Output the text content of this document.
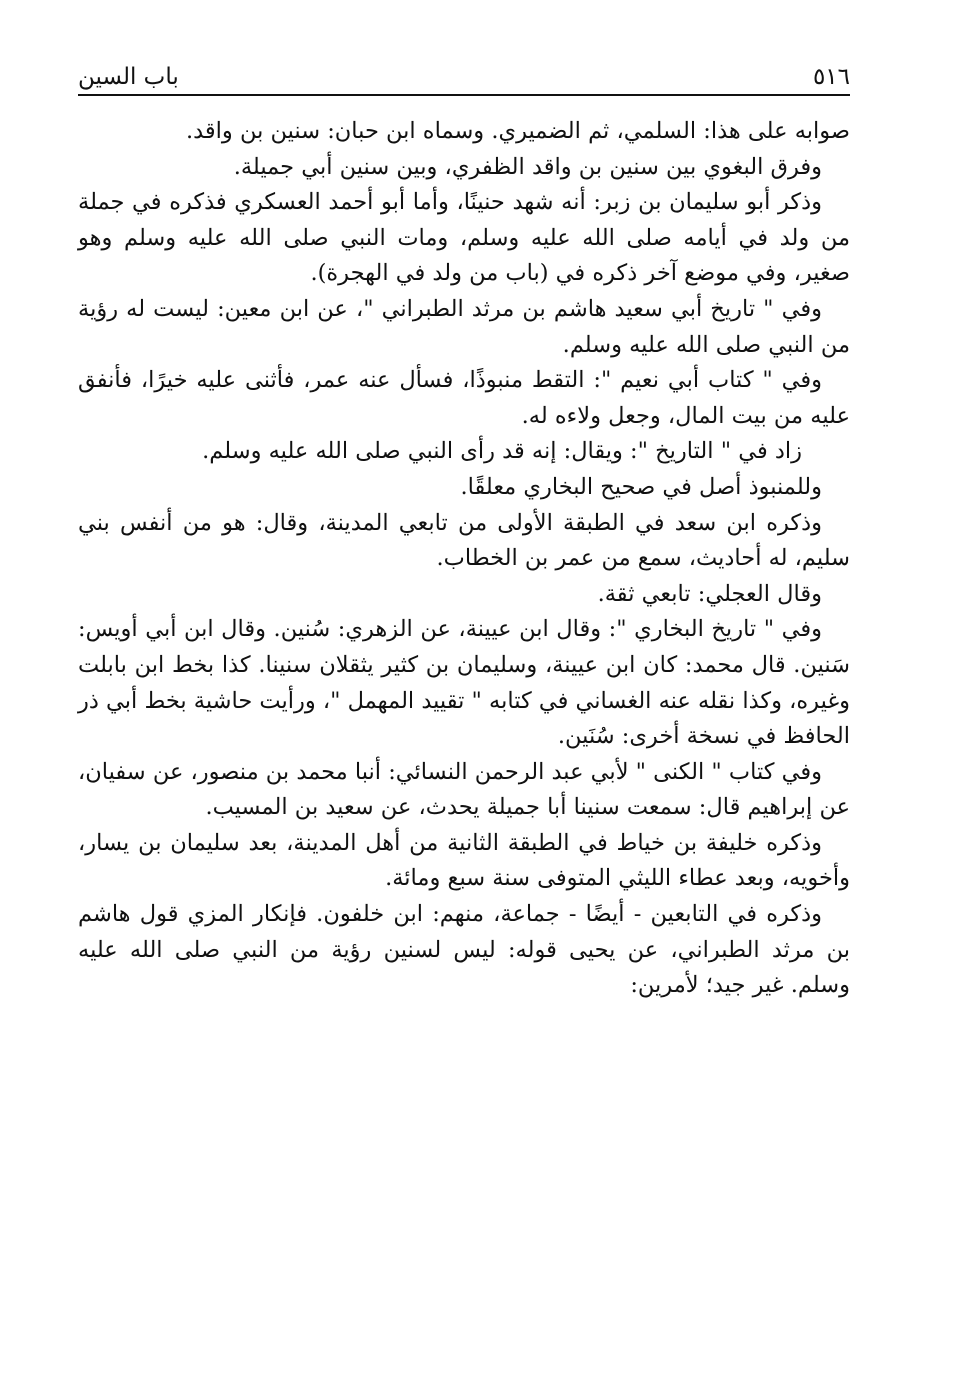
٥١٦
باب السين

صوابه على هذا: السلمي، ثم الضميري. وسماه ابن حبان: سنين بن واقد.

وفرق البغوي بين سنين بن واقد الظفري، وبين سنين أبي جميلة.

وذكر أبو سليمان بن زبر: أنه شهد حنينًا، وأما أبو أحمد العسكري فذكره في جملة من ولد في أيامه صلى الله عليه وسلم، ومات النبي صلى الله عليه وسلم وهو صغير، وفي موضع آخر ذكره في (باب من ولد في الهجرة).

وفي " تاريخ أبي سعيد هاشم بن مرثد الطبراني "، عن ابن معين: ليست له رؤية من النبي صلى الله عليه وسلم.

وفي " كتاب أبي نعيم ": التقط منبوذًا، فسأل عنه عمر، فأثنى عليه خيرًا، فأنفق عليه من بيت المال، وجعل ولاءه له.

زاد في " التاريخ ": ويقال: إنه قد رأى النبي صلى الله عليه وسلم.

وللمنبوذ أصل في صحيح البخاري معلقًا.

وذكره ابن سعد في الطبقة الأولى من تابعي المدينة، وقال: هو من أنفس بني سليم، له أحاديث، سمع من عمر بن الخطاب.

وقال العجلي: تابعي ثقة.

وفي " تاريخ البخاري ": وقال ابن عيينة، عن الزهري: سُنين. وقال ابن أبي أويس: سَنين. قال محمد: كان ابن عيينة، وسليمان بن كثير يثقلان سنينا. كذا بخط ابن بابلت وغيره، وكذا نقله عنه الغساني في كتابه " تقييد المهمل "، ورأيت حاشية بخط أبي ذر الحافظ في نسخة أخرى: سُنَين.

وفي كتاب " الكنى " لأبي عبد الرحمن النسائي: أنبا محمد بن منصور، عن سفيان، عن إبراهيم قال: سمعت سنينا أبا جميلة يحدث، عن سعيد بن المسيب.

وذكره خليفة بن خياط في الطبقة الثانية من أهل المدينة، بعد سليمان بن يسار، وأخويه، وبعد عطاء الليثي المتوفى سنة سبع ومائة.

وذكره في التابعين - أيضًا - جماعة، منهم: ابن خلفون. فإنكار المزي قول هاشم بن مرثد الطبراني، عن يحيى قوله: ليس لسنين رؤية من النبي صلى الله عليه وسلم. غير جيد؛ لأمرين:
